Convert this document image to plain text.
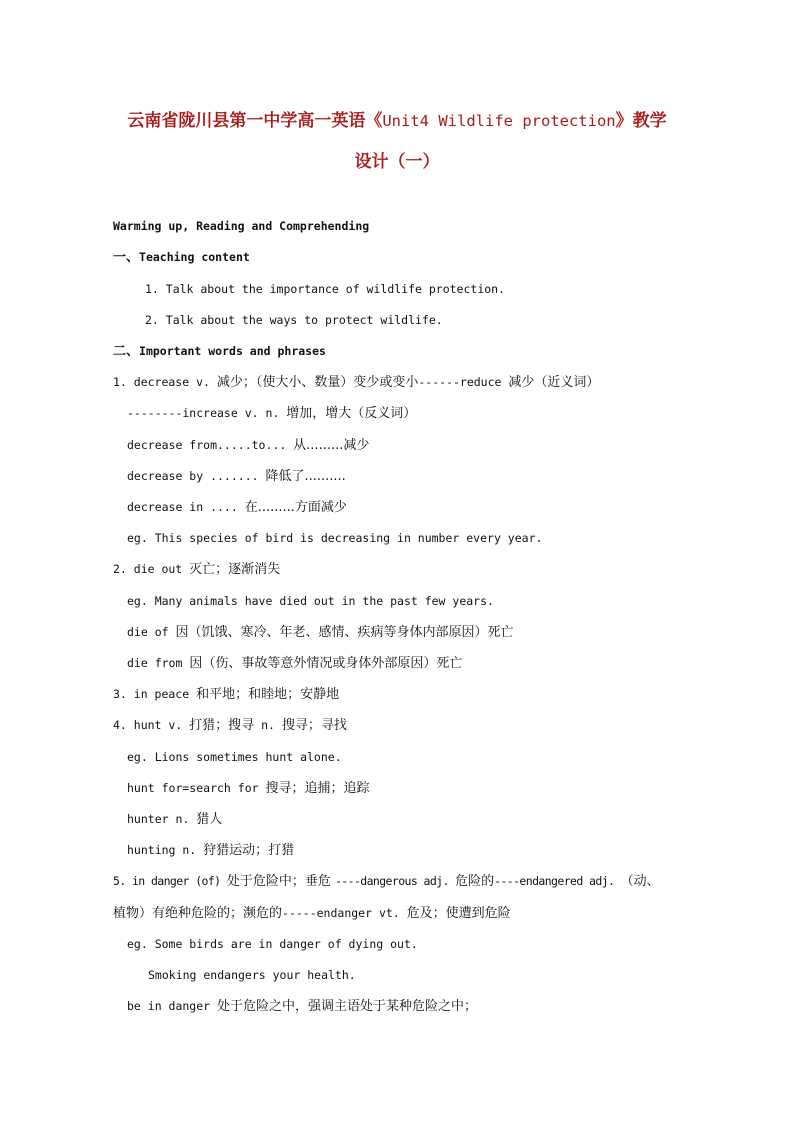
云南省陇川县第一中学高一英语《Unit4 Wildlife protection》教学
设计（一）
Warming up, Reading and Comprehending
一、Teaching content
1. Talk about the importance of wildlife protection.
2. Talk about the ways to protect wildlife.
二、Important words and phrases
1. decrease v. 减少；（使大小、数量）变少或变小------reduce 减少（近义词）
--------increase v. n. 增加，增大（反义词）
decrease from.....to... 从.........减少
decrease by ....... 降低了..........
decrease in .... 在.........方面减少
eg. This species of bird is decreasing in number every year.
2. die out 灭亡；逐渐消失
eg. Many animals have died out in the past few years.
die of 因（饥饿、寒冷、年老、感情、疾病等身体内部原因）死亡
die from 因（伤、事故等意外情况或身体外部原因）死亡
3. in peace 和平地；和睦地；安静地
4. hunt v. 打猎；搜寻 n. 搜寻；寻找
eg. Lions sometimes hunt alone.
hunt for=search for 搜寻；追捕；追踪
hunter n. 猎人
hunting n. 狩猎运动；打猎
5. in danger (of) 处于危险中；垂危 ----dangerous adj. 危险的----endangered adj. （动、
植物）有绝种危险的；濒危的-----endanger vt. 危及；使遭到危险
eg. Some birds are in danger of dying out.
Smoking endangers your health.
be in danger 处于危险之中，强调主语处于某种危险之中；
